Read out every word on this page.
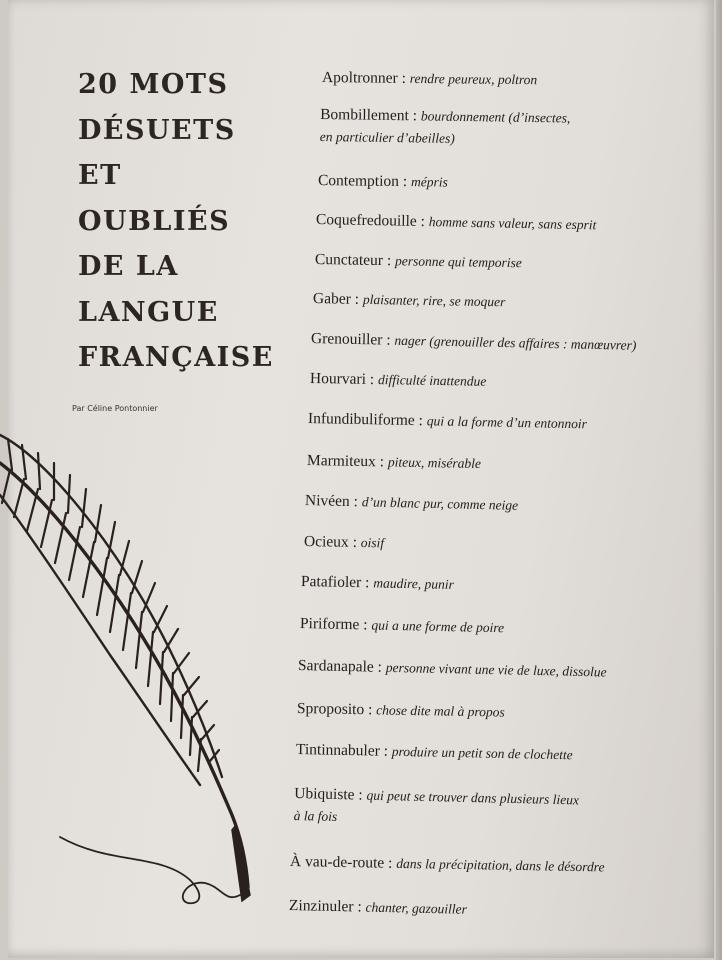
20 MOTS
DÉSUETS
ET
OUBLIÉS
DE LA
LANGUE
FRANÇAISE
Par Céline Pontonnier
Apoltronner : rendre peureux, poltron
Bombillement : bourdonnement (d’insectes,
en particulier d’abeilles)
Contemption : mépris
Coquefredouille : homme sans valeur, sans esprit
Cunctateur : personne qui temporise
Gaber : plaisanter, rire, se moquer
Grenouiller : nager (grenouiller des affaires : manœuvrer)
Hourvari : difficulté inattendue
Infundibuliforme : qui a la forme d’un entonnoir
Marmiteux : piteux, misérable
Nivéen : d’un blanc pur, comme neige
Ocieux : oisif
Patafioler : maudire, punir
Piriforme : qui a une forme de poire
Sardanapale : personne vivant une vie de luxe, dissolue
Sproposito : chose dite mal à propos
Tintinnabuler : produire un petit son de clochette
Ubiquiste : qui peut se trouver dans plusieurs lieux
à la fois
À vau-de-route : dans la précipitation, dans le désordre
Zinzinuler : chanter, gazouiller
